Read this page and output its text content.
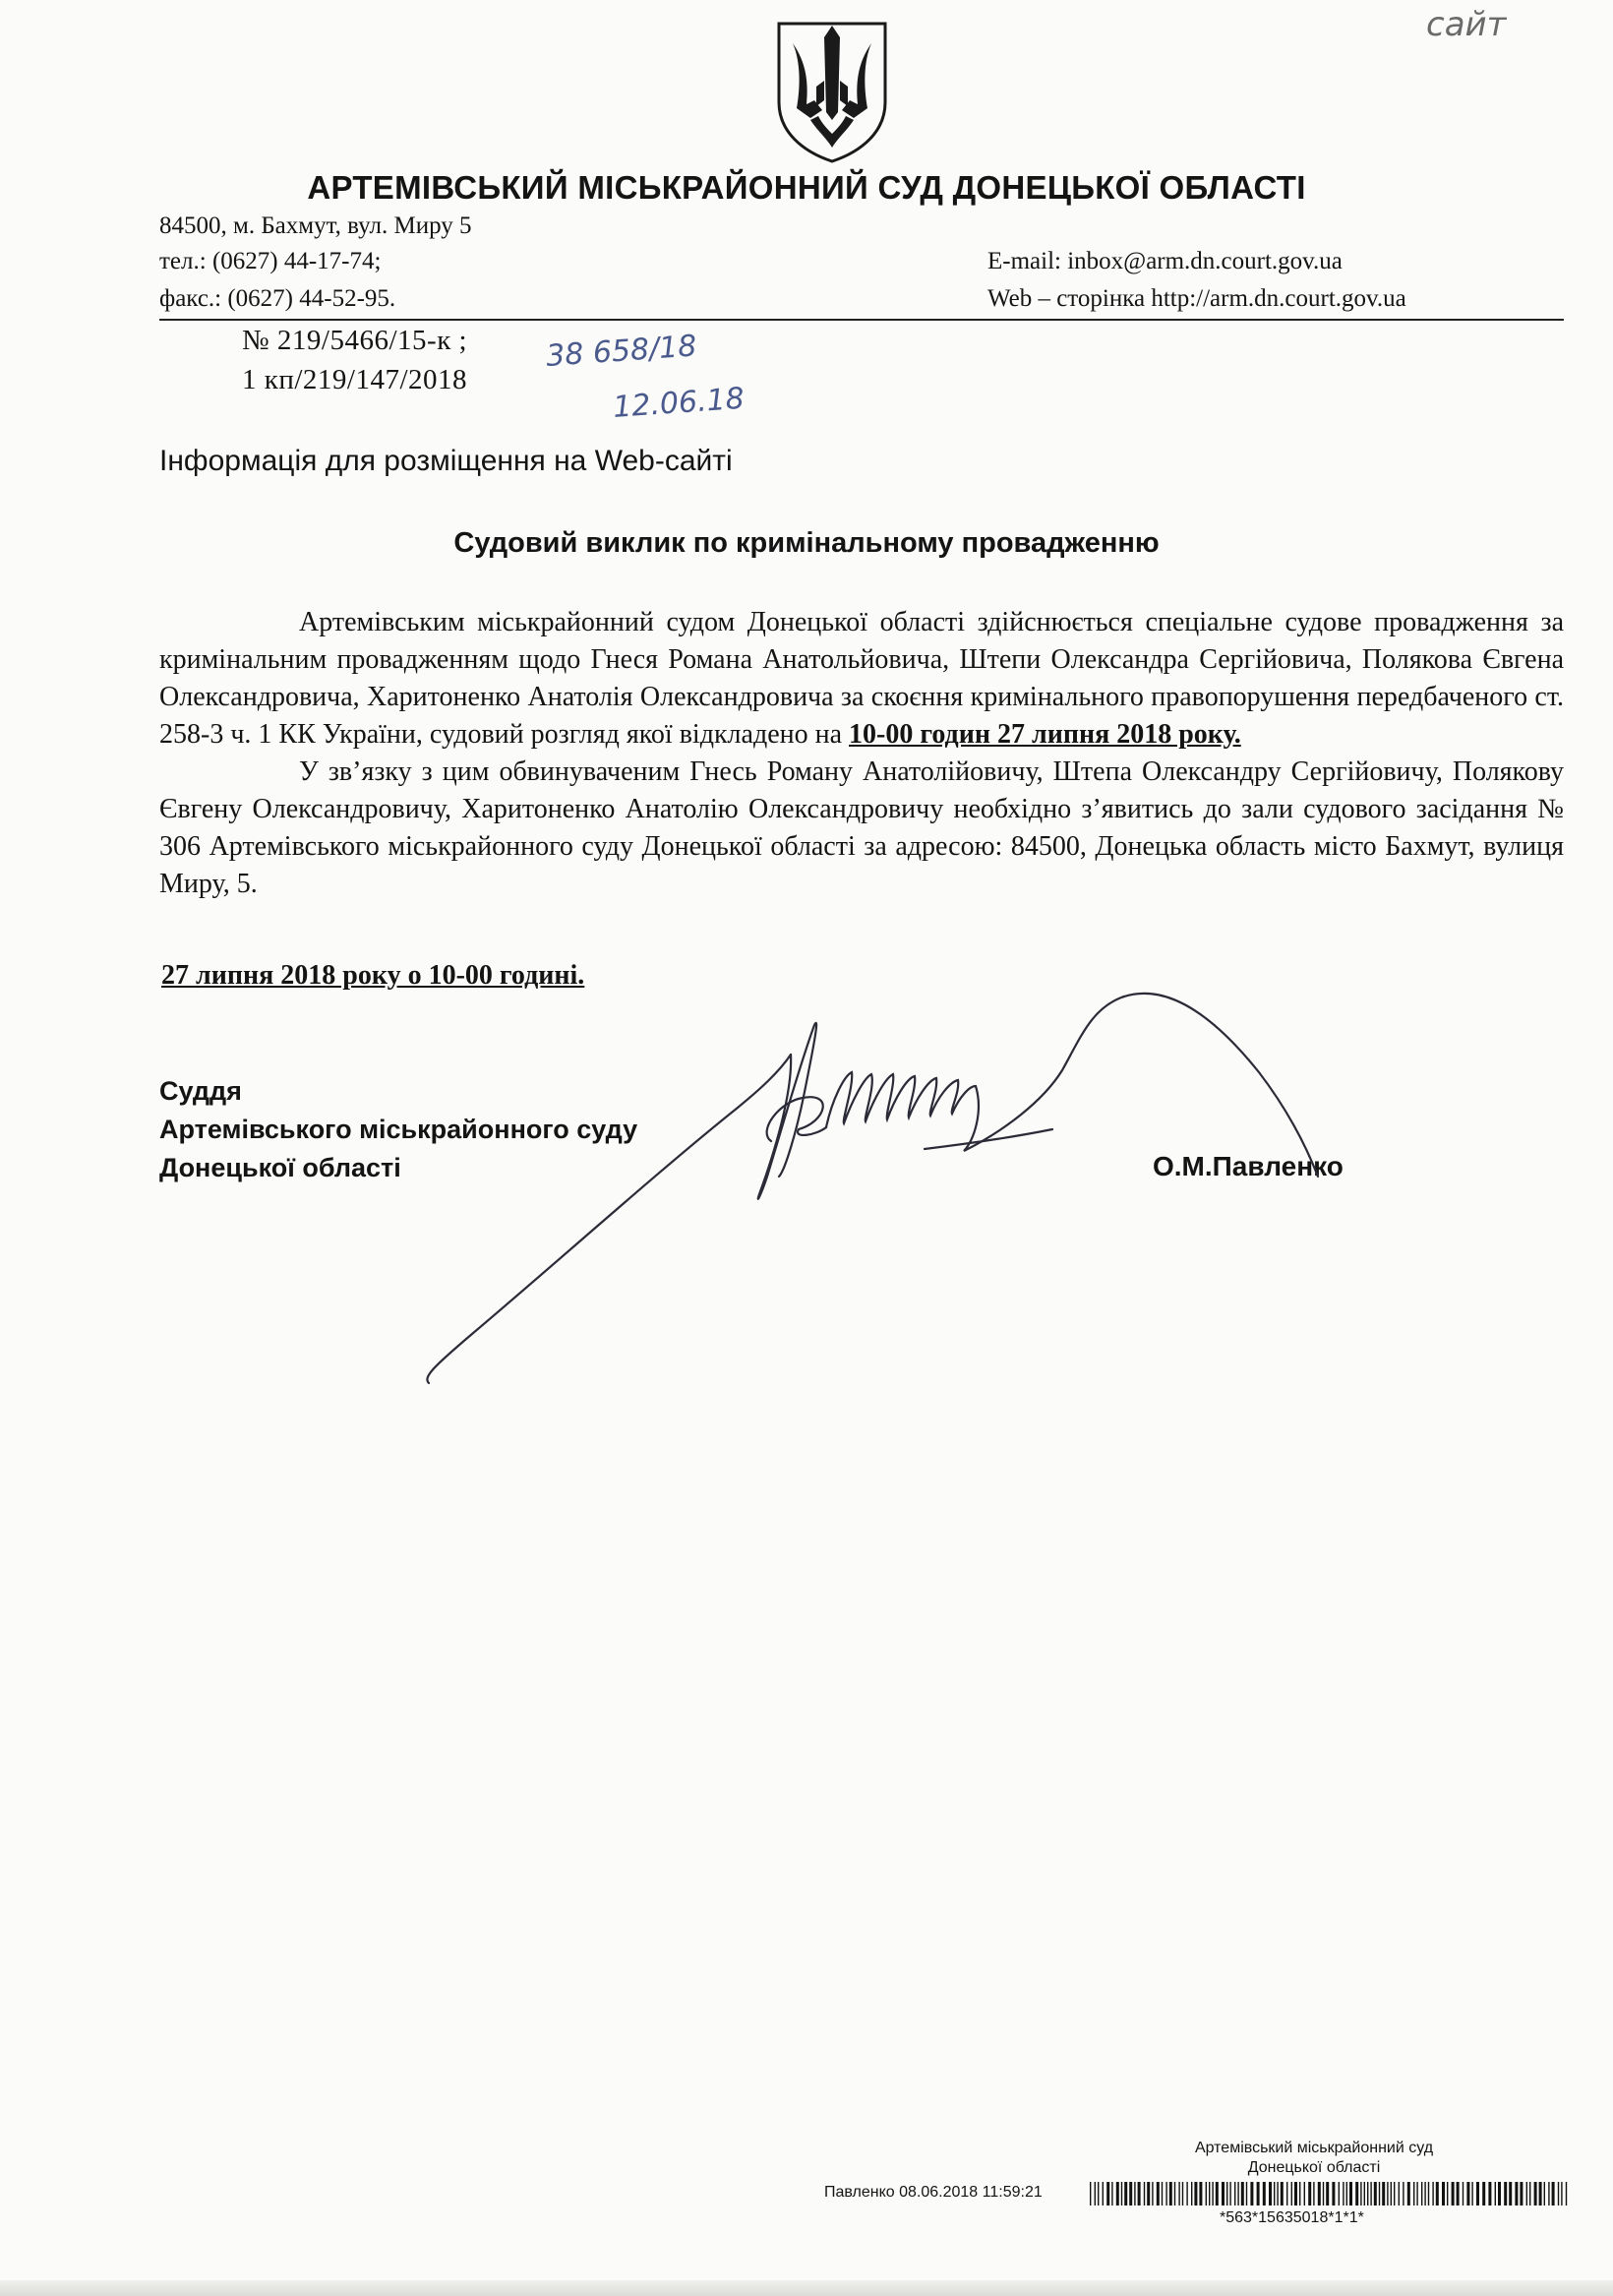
сайт
АРТЕМІВСЬКИЙ МІСЬКРАЙОННИЙ СУД ДОНЕЦЬКОЇ ОБЛАСТІ
84500, м. Бахмут, вул. Миру 5
тел.: (0627) 44-17-74;
факс.: (0627) 44-52-95.
E-mail: inbox@arm.dn.court.gov.ua
Web – сторінка http://arm.dn.court.gov.ua
№ 219/5466/15-к ;
1 кп/219/147/2018
38 658/18
12.06.18
Інформація для розміщення на Web-сайті
Судовий виклик по кримінальному провадженню

Артемівським міськрайонний судом Донецької області здійснюється спеціальне судове провадження за кримінальним провадженням щодо Гнеся Романа Анатольйовича, Штепи Олександра Сергійовича, Полякова Євгена Олександровича, Харитоненко Анатолія Олександровича за скоєння кримінального правопорушення передбаченого ст. 258-3 ч. 1 КК України, судовий розгляд якої відкладено на 10-00 годин 27 липня 2018 року.

У зв’язку з цим обвинуваченим Гнесь Роману Анатолійовичу, Штепа Олександру Сергійовичу, Полякову Євгену Олександровичу, Харитоненко Анатолію Олександровичу необхідно з’явитись до зали судового засідання № 306 Артемівського міськрайонного суду Донецької області за адресою: 84500, Донецька область місто Бахмут, вулиця Миру, 5.

27 липня 2018 року о 10-00 годині.
Суддя
Артемівського міськрайонного суду
Донецької області	О.М.Павленко
Артемівський міськрайонний суд
Донецької області
Павленко 08.06.2018 11:59:21
*563*15635018*1*1*
